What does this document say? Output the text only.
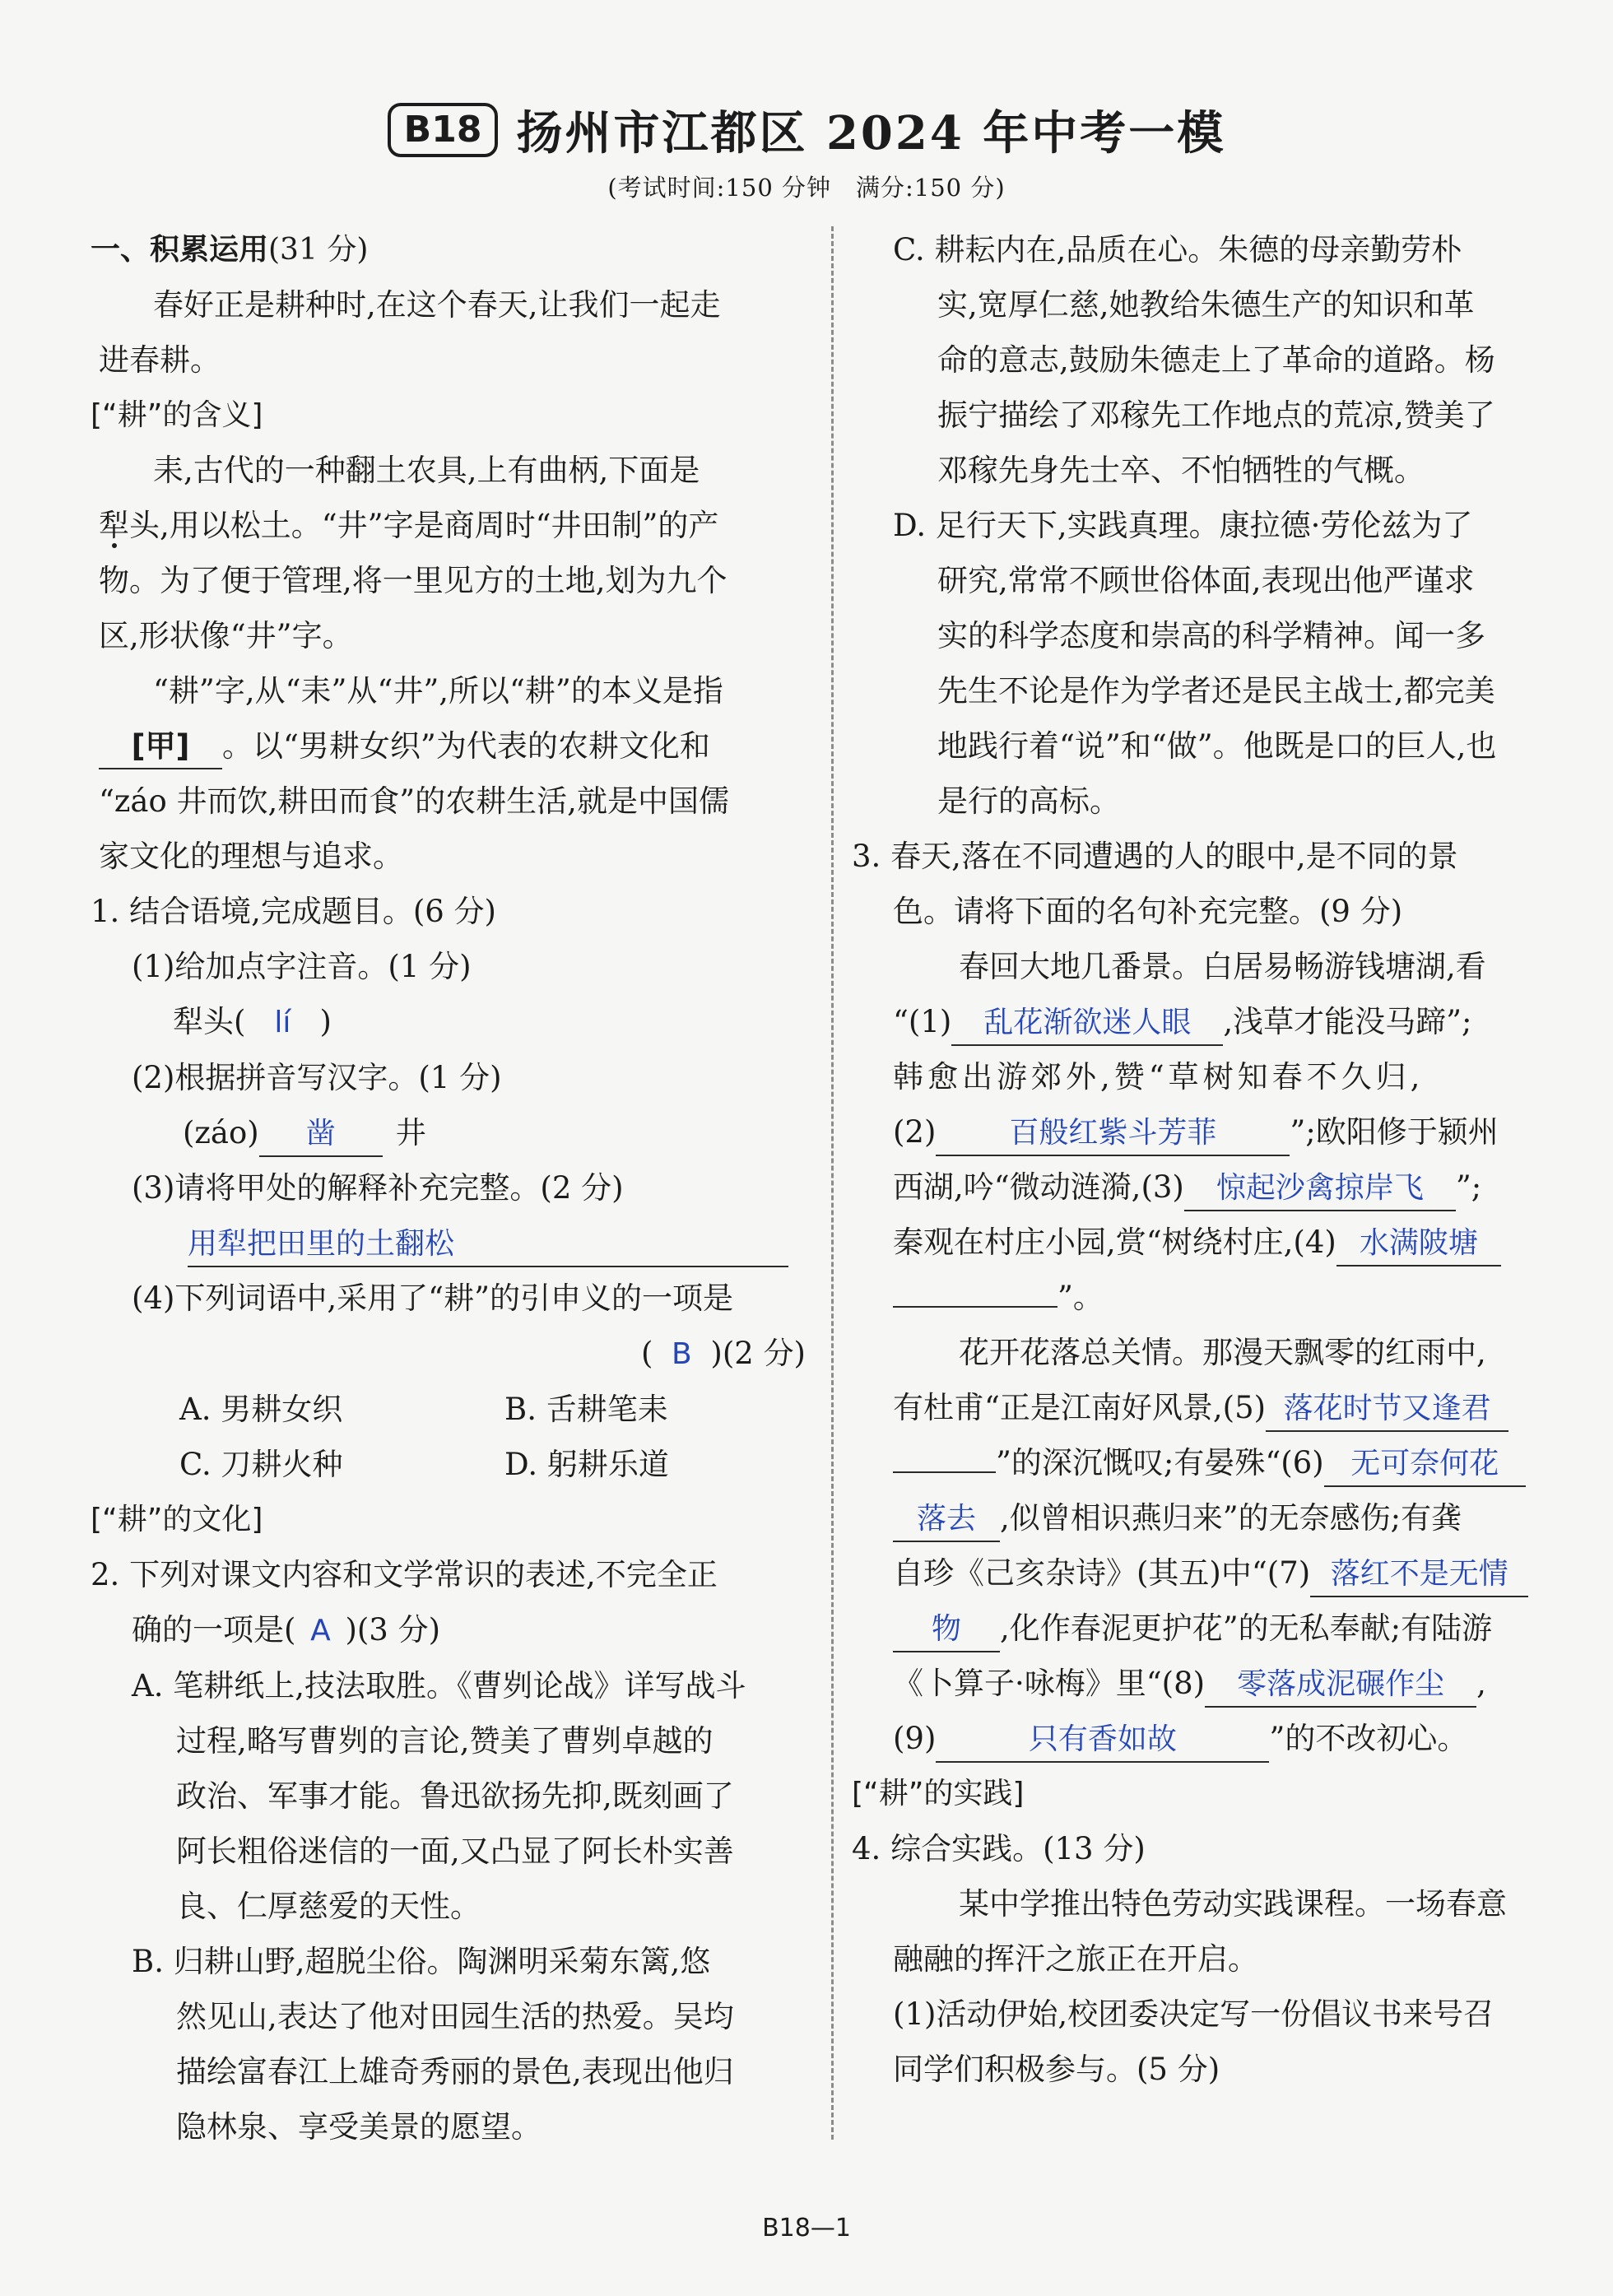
B18 扬州市江都区 2024 年中考一模
(考试时间:150 分钟　满分:150 分)
一、积累运用(31 分)
春好正是耕种时,在这个春天,让我们一起走
进春耕。
[“耕”的含义]
耒,古代的一种翻土农具,上有曲柄,下面是
犁头,用以松土。“井”字是商周时“井田制”的产
物。为了便于管理,将一里见方的土地,划为九个
区,形状像“井”字。
“耕”字,从“耒”从“井”,所以“耕”的本义是指
[甲] 。以“男耕女织”为代表的农耕文化和
“záo 井而饮,耕田而食”的农耕生活,就是中国儒
家文化的理想与追求。
1. 结合语境,完成题目。(6 分)
(1)给加点字注音。(1 分)
犁头( lí )
(2)根据拼音写汉字。(1 分)
(záo) 凿 井
(3)请将甲处的解释补充完整。(2 分)
用犁把田里的土翻松
(4)下列词语中,采用了“耕”的引申义的一项是
( B )(2 分)
A. 男耕女织	B. 舌耕笔耒
C. 刀耕火种	D. 躬耕乐道
[“耕”的文化]
2. 下列对课文内容和文学常识的表述,不完全正
确的一项是( A )(3 分)
A. 笔耕纸上,技法取胜。《曹刿论战》详写战斗
过程,略写曹刿的言论,赞美了曹刿卓越的
政治、军事才能。鲁迅欲扬先抑,既刻画了
阿长粗俗迷信的一面,又凸显了阿长朴实善
良、仁厚慈爱的天性。
B. 归耕山野,超脱尘俗。陶渊明采菊东篱,悠
然见山,表达了他对田园生活的热爱。吴均
描绘富春江上雄奇秀丽的景色,表现出他归
隐林泉、享受美景的愿望。
C. 耕耘内在,品质在心。朱德的母亲勤劳朴
实,宽厚仁慈,她教给朱德生产的知识和革
命的意志,鼓励朱德走上了革命的道路。杨
振宁描绘了邓稼先工作地点的荒凉,赞美了
邓稼先身先士卒、不怕牺牲的气概。
D. 足行天下,实践真理。康拉德·劳伦兹为了
研究,常常不顾世俗体面,表现出他严谨求
实的科学态度和崇高的科学精神。闻一多
先生不论是作为学者还是民主战士,都完美
地践行着“说”和“做”。他既是口的巨人,也
是行的高标。
3. 春天,落在不同遭遇的人的眼中,是不同的景
色。请将下面的名句补充完整。(9 分)
春回大地几番景。白居易畅游钱塘湖,看
“(1) 乱花渐欲迷人眼 ,浅草才能没马蹄”;
韩愈出游郊外,赞“草树知春不久归,
(2) 百般红紫斗芳菲 ”;欧阳修于颍州
西湖,吟“微动涟漪,(3) 惊起沙禽掠岸飞 ”;
秦观在村庄小园,赏“树绕村庄,(4) 水满陂塘
”。
花开花落总关情。那漫天飘零的红雨中,
有杜甫“正是江南好风景,(5) 落花时节又逢君
”的深沉慨叹;有晏殊“(6) 无可奈何花
落去 ,似曾相识燕归来”的无奈感伤;有龚
自珍《己亥杂诗》(其五)中“(7) 落红不是无情
物 ,化作春泥更护花”的无私奉献;有陆游
《卜算子·咏梅》里“(8) 零落成泥碾作尘 ,
(9)	只有香如故	”的不改初心。
[“耕”的实践]
4. 综合实践。(13 分)
某中学推出特色劳动实践课程。一场春意
融融的挥汗之旅正在开启。
(1)活动伊始,校团委决定写一份倡议书来号召
同学们积极参与。(5 分)
B18—1
